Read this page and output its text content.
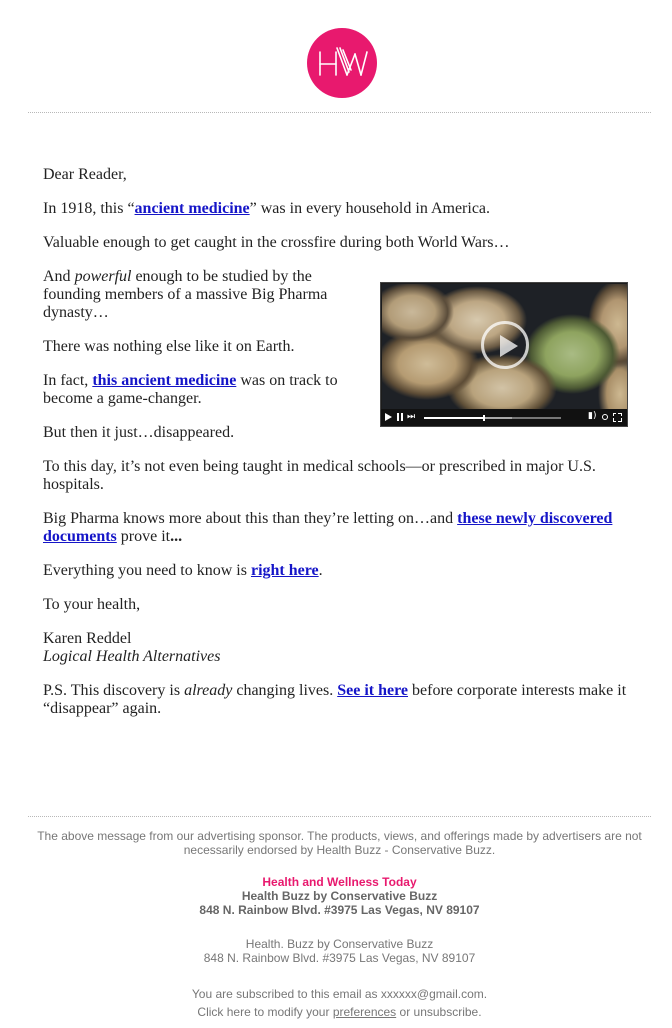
Dear Reader,

In 1918, this “ancient medicine” was in every household in America.

Valuable enough to get caught in the crossfire during both World Wars…

And powerful enough to be studied by the founding members of a massive Big Pharma dynasty…

There was nothing else like it on Earth.

In fact, this ancient medicine was on track to become a game-changer.

But then it just…disappeared.

To this day, it’s not even being taught in medical schools—or prescribed in major U.S. hospitals.

Big Pharma knows more about this than they’re letting on…and these newly discovered documents prove it...

Everything you need to know is right here.

To your health,

Karen Reddel
Logical Health Alternatives

P.S. This discovery is already changing lives. See it here before corporate interests make it “disappear” again.

⏭	▮)

The above message from our advertising sponsor. The products, views, and offerings made by advertisers are not necessarily endorsed by Health Buzz - Conservative Buzz.

Health and Wellness Today

Health Buzz by Conservative Buzz

848 N. Rainbow Blvd. #3975 Las Vegas, NV 89107

Health. Buzz by Conservative Buzz

848 N. Rainbow Blvd. #3975 Las Vegas, NV 89107

You are subscribed to this email as xxxxxx@gmail.com.

Click here to modify your preferences or unsubscribe.
